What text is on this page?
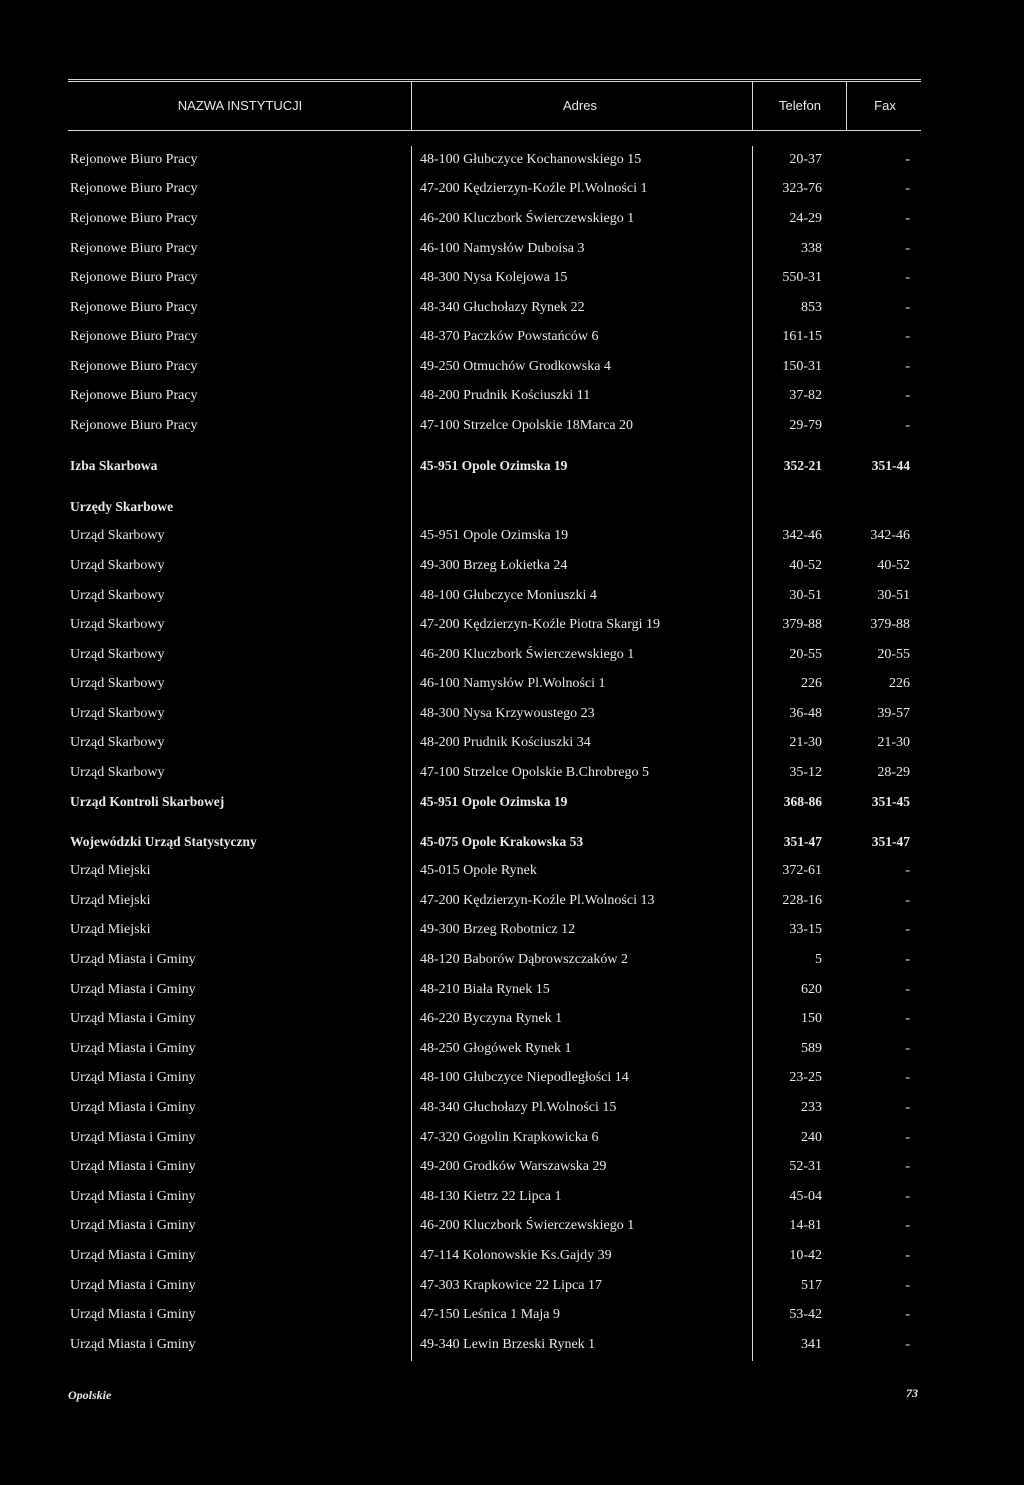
NAZWA INSTYTUCJI	Adres	Telefon	Fax
Rejonowe Biuro Pracy	48-100 Głubczyce Kochanowskiego 15	20-37	-
Rejonowe Biuro Pracy	47-200 Kędzierzyn-Koźle Pl.Wolności 1	323-76	-
Rejonowe Biuro Pracy	46-200 Kluczbork Świerczewskiego 1	24-29	-
Rejonowe Biuro Pracy	46-100 Namysłów Duboisa 3	338	-
Rejonowe Biuro Pracy	48-300 Nysa Kolejowa 15	550-31	-
Rejonowe Biuro Pracy	48-340 Głuchołazy Rynek 22	853	-
Rejonowe Biuro Pracy	48-370 Paczków Powstańców 6	161-15	-
Rejonowe Biuro Pracy	49-250 Otmuchów Grodkowska 4	150-31	-
Rejonowe Biuro Pracy	48-200 Prudnik Kościuszki 11	37-82	-
Rejonowe Biuro Pracy	47-100 Strzelce Opolskie 18Marca 20	29-79	-
Izba Skarbowa	45-951 Opole Ozimska 19	352-21	351-44
Urzędy Skarbowe
Urząd Skarbowy	45-951 Opole Ozimska 19	342-46	342-46
Urząd Skarbowy	49-300 Brzeg Łokietka 24	40-52	40-52
Urząd Skarbowy	48-100 Głubczyce Moniuszki 4	30-51	30-51
Urząd Skarbowy	47-200 Kędzierzyn-Koźle Piotra Skargi 19	379-88	379-88
Urząd Skarbowy	46-200 Kluczbork Świerczewskiego 1	20-55	20-55
Urząd Skarbowy	46-100 Namysłów Pl.Wolności 1	226	226
Urząd Skarbowy	48-300 Nysa Krzywoustego 23	36-48	39-57
Urząd Skarbowy	48-200 Prudnik Kościuszki 34	21-30	21-30
Urząd Skarbowy	47-100 Strzelce Opolskie B.Chrobrego 5	35-12	28-29
Urząd Kontroli Skarbowej	45-951 Opole Ozimska 19	368-86	351-45
Wojewódzki Urząd Statystyczny	45-075 Opole Krakowska 53	351-47	351-47
Urząd Miejski	45-015 Opole Rynek	372-61	-
Urząd Miejski	47-200 Kędzierzyn-Koźle Pl.Wolności 13	228-16	-
Urząd Miejski	49-300 Brzeg Robotnicz 12	33-15	-
Urząd Miasta i Gminy	48-120 Baborów Dąbrowszczaków 2	5	-
Urząd Miasta i Gminy	48-210 Biała Rynek 15	620	-
Urząd Miasta i Gminy	46-220 Byczyna Rynek 1	150	-
Urząd Miasta i Gminy	48-250 Głogówek Rynek 1	589	-
Urząd Miasta i Gminy	48-100 Głubczyce Niepodległości 14	23-25	-
Urząd Miasta i Gminy	48-340 Głuchołazy Pl.Wolności 15	233	-
Urząd Miasta i Gminy	47-320 Gogolin Krapkowicka 6	240	-
Urząd Miasta i Gminy	49-200 Grodków Warszawska 29	52-31	-
Urząd Miasta i Gminy	48-130 Kietrz 22 Lipca 1	45-04	-
Urząd Miasta i Gminy	46-200 Kluczbork Świerczewskiego 1	14-81	-
Urząd Miasta i Gminy	47-114 Kolonowskie Ks.Gajdy 39	10-42	-
Urząd Miasta i Gminy	47-303 Krapkowice 22 Lipca 17	517	-
Urząd Miasta i Gminy	47-150 Leśnica 1 Maja 9	53-42	-
Urząd Miasta i Gminy	49-340 Lewin Brzeski Rynek 1	341	-
Opolskie	73
